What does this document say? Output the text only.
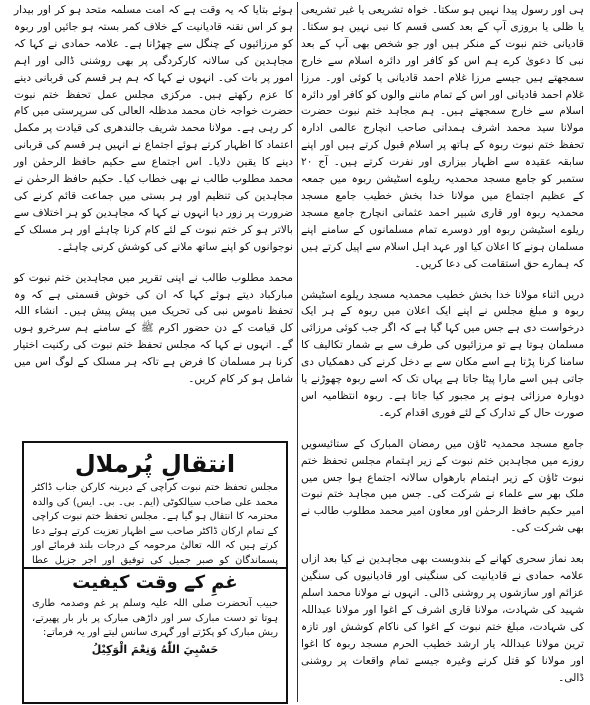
ہی اور رسول پیدا نہیں ہو سکتا۔ خواہ تشریعی یا غیر تشریعی یا ظلی یا بروزی آپ کے بعد کسی قسم کا نبی نہیں ہو سکتا۔ قادیانی ختم نبوت کے منکر ہیں اور جو شخص بھی آپ کے بعد نبی کا دعویٰ کرے ہم اس کو کافر اور دائرہ اسلام سے خارج سمجھتے ہیں جیسے مرزا غلام احمد قادیانی یا کوئی اور۔ مرزا غلام احمد قادیانی اور اس کے تمام ماننے والوں کو کافر اور دائرہ اسلام سے خارج سمجھتے ہیں۔ ہم مجاہد ختم نبوت حضرت مولانا سید محمد اشرف ہمدانی صاحب انچارج عالمی ادارہ تحفظ ختم نبوت ربوہ کے ہاتھ پر اسلام قبول کرتے ہیں اور اپنے سابقہ عقیدہ سے اظہار بیزاری اور نفرت کرتے ہیں۔ آج ۲۰ ستمبر کو جامع مسجد محمدیہ ریلوے اسٹیشن ربوہ میں جمعہ کے عظیم اجتماع میں مولانا خدا بخش خطیب جامع مسجد محمدیہ ربوہ اور قاری شبیر احمد عثمانی انچارج جامع مسجد ریلوے اسٹیشن ربوہ اور دوسرے تمام مسلمانوں کے سامنے اپنے مسلمان ہونے کا اعلان کیا اور عہد اہل اسلام سے اپیل کرتے ہیں کہ ہمارے حق استقامت کی دعا کریں۔

دریں اثناء مولانا خدا بخش خطیب محمدیہ مسجد ریلوے اسٹیشن ربوہ و مبلغ مجلس نے اپنے ایک اعلان میں ربوہ کے ہر ایک درخواست دی ہے جس میں کہا گیا ہے کہ اگر جب کوئی مرزائی مسلمان ہوتا ہے تو مرزائیوں کی طرف سے بے شمار تکالیف کا سامنا کرنا پڑتا ہے اسے مکان سے بے دخل کرنے کی دھمکیاں دی جاتی ہیں اسے مارا پیٹا جاتا ہے یہاں تک کہ اسے ربوہ چھوڑنے یا دوبارہ مرزائی ہونے پر مجبور کیا جاتا ہے۔ ربوہ انتظامیہ اس صورت حال کے تدارک کے لئے فوری اقدام کرے۔

جامع مسجد محمدیہ ٹاؤن میں رمضان المبارک کے ستائیسویں روزے میں مجاہدین ختم نبوت کے زیر اہتمام مجلس تحفظ ختم نبوت ٹاؤن کے زیر اہتمام بارھواں سالانہ اجتماع ہوا جس میں ملک بھر سے علماء نے شرکت کی۔ جس میں مجاہد ختم نبوت امیر حکیم حافظ الرحمٰن اور معاون امیر محمد مطلوب طالب نے بھی شرکت کی۔

بعد نماز سحری کھانے کے بندوبست بھی مجاہدین نے کیا بعد ازاں علامہ حمادی نے قادیانیت کی سنگینی اور قادیانیوں کی سنگین عزائم اور سازشوں پر روشنی ڈالی۔ انہوں نے مولانا محمد اسلم شہید کی شہادت، مولانا قاری اشرف کے اغوا اور مولانا عبداللہ کی شہادت، مبلغ ختم نبوت کے اغوا کی ناکام کوشش اور تازہ ترین مولانا عبداللہ یار ارشد خطیب الحرم مسجد ربوہ کا اغوا اور مولانا کو قتل کرنے وغیرہ جیسے تمام واقعات پر روشنی ڈالی۔

ہوئے بتایا کہ یہ وقت ہے کہ امت مسلمہ متحد ہو کر اور بیدار ہو کر اس نقنہ قادیانیت کے خلاف کمر بستہ ہو جائیں اور ربوہ کو مرزائیوں کے چنگل سے چھڑانا ہے۔ علامہ حمادی نے کہا کہ مجاہدین کی سالانہ کارکردگی پر بھی روشنی ڈالی اور اہم امور پر بات کی۔ انہوں نے کہا کہ ہم ہر قسم کی قربانی دینے کا عزم رکھتے ہیں۔ مرکزی مجلس عمل تحفظ ختم نبوت حضرت خواجہ خان محمد مدظلہ العالی کی سرپرستی میں کام کر رہی ہے۔ مولانا محمد شریف جالندھری کی قیادت پر مکمل اعتماد کا اظہار کرتے ہوئے اجتماع نے انہیں ہر قسم کی قربانی دینے کا یقین دلایا۔ اس اجتماع سے حکیم حافظ الرحمٰن اور محمد مطلوب طالب نے بھی خطاب کیا۔ حکیم حافظ الرحمٰن نے مجاہدین کی تنظیم اور ہر بستی میں جماعت قائم کرنے کی ضرورت پر زور دیا انہوں نے کہا کہ مجاہدین کو ہر اختلاف سے بالاتر ہو کر ختم نبوت کے لئے کام کرنا چاہئے اور ہر مسلک کے نوجوانوں کو اپنے ساتھ ملانے کی کوشش کرنی چاہئے۔

محمد مطلوب طالب نے اپنی تقریر میں مجاہدین ختم نبوت کو مبارکباد دیتے ہوئے کہا کہ ان کی خوش قسمتی ہے کہ وہ تحفظ ناموس نبی کی تحریک میں پیش پیش ہیں۔ انشاء اللہ کل قیامت کے دن حضور اکرم ﷺ کے سامنے ہم سرخرو ہوں گے۔ انہوں نے کہا کہ مجلس تحفظ ختم نبوت کی رکنیت اختیار کرنا ہر مسلمان کا فرض ہے تاکہ ہر مسلک کے لوگ اس میں شامل ہو کر کام کریں۔

انتقالِ پُرملال

مجلس تحفظ ختم نبوت کراچی کے دیرینہ کارکن جناب ڈاکٹر محمد علی صاحب سیالکوٹی (ایم۔ بی۔ بی۔ ایس) کی والدہ محترمہ کا انتقال ہو گیا ہے۔ مجلس تحفظ ختم نبوت کراچی کے تمام ارکان ڈاکٹر صاحب سے اظہار تعزیت کرتے ہوئے دعا کرتے ہیں کہ اللہ تعالیٰ مرحومہ کے درجات بلند فرمائے اور پسماندگان کو صبر جمیل کی توفیق اور اجر جزیل عطا

غمِ کے وقت کیفیت

حبیب آنحضرت صلی اللہ علیہ وسلم پر غم وصدمہ طاری ہوتا تو دست مبارک سر اور داڑھی مبارک پر بار بار پھیرتے، ریش مبارک کو پکڑتے اور گہری سانس لیتے اور یہ فرماتے:

حَسْبِيَ اللّٰهُ وَنِعْمَ الْوَكِيْلُ
